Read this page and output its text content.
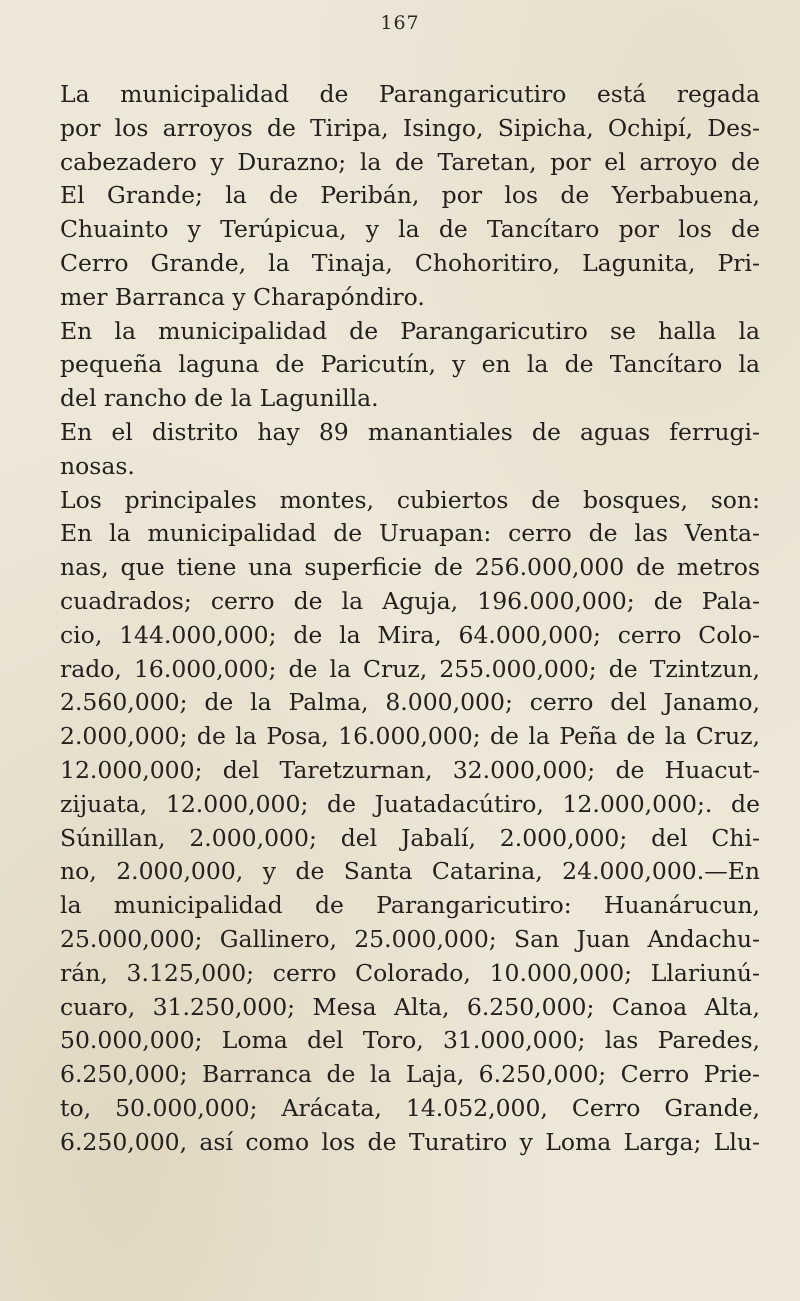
167
La municipalidad de Parangaricutiro está regada
por los arroyos de Tiripa, Isingo, Sipicha, Ochipí, Des-
cabezadero y Durazno; la de Taretan, por el arroyo de
El Grande; la de Peribán, por los de Yerbabuena,
Chuainto y Terúpicua, y la de Tancítaro por los de
Cerro Grande, la Tinaja, Chohoritiro, Lagunita, Pri-
mer Barranca y Charapóndiro.
En la municipalidad de Parangaricutiro se halla la
pequeña laguna de Paricutín, y en la de Tancítaro la
del rancho de la Lagunilla.
En el distrito hay 89 manantiales de aguas ferrugi-
nosas.
Los principales montes, cubiertos de bosques, son:
En la municipalidad de Uruapan: cerro de las Venta-
nas, que tiene una superficie de 256.000,000 de metros
cuadrados; cerro de la Aguja, 196.000,000; de Pala-
cio, 144.000,000; de la Mira, 64.000,000; cerro Colo-
rado, 16.000,000; de la Cruz, 255.000,000; de Tzintzun,
2.560,000; de la Palma, 8.000,000; cerro del Janamo,
2.000,000; de la Posa, 16.000,000; de la Peña de la Cruz,
12.000,000; del Taretzurnan, 32.000,000; de Huacut-
zijuata, 12.000,000; de Juatadacútiro, 12.000,000;. de
Súnillan, 2.000,000; del Jabalí, 2.000,000; del Chi-
no, 2.000,000, y de Santa Catarina, 24.000,000.—En
la municipalidad de Parangaricutiro: Huanárucun,
25.000,000; Gallinero, 25.000,000; San Juan Andachu-
rán, 3.125,000; cerro Colorado, 10.000,000; Llariunú-
cuaro, 31.250,000; Mesa Alta, 6.250,000; Canoa Alta,
50.000,000; Loma del Toro, 31.000,000; las Paredes,
6.250,000; Barranca de la Laja, 6.250,000; Cerro Prie-
to, 50.000,000; Arácata, 14.052,000, Cerro Grande,
6.250,000, así como los de Turatiro y Loma Larga; Llu-
